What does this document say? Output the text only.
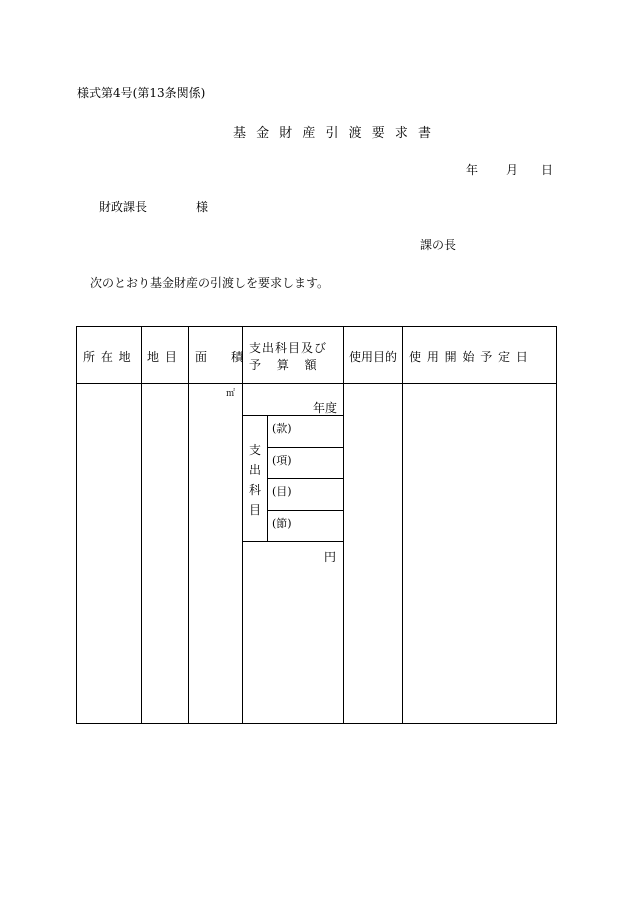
様式第4号(第13条関係)
基 金 財 産 引 渡 要 求 書
年 月 日
財政課長	様
課の長
次のとおり基金財産の引渡しを要求します。
所 在 地 地 目 面　　積
支出科目及び
予　 算　 額
使用目的 使 用 開 始 予 定 日
㎡
年度
支
出
科
目
(款)
(項)
(目)
(節)
円
